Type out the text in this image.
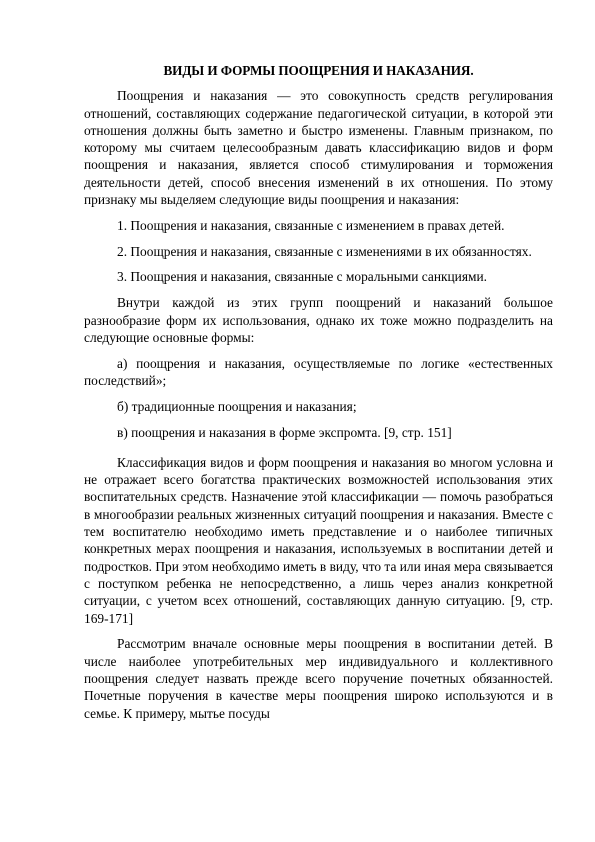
ВИДЫ И ФОРМЫ ПООЩРЕНИЯ И НАКАЗАНИЯ.

Поощрения и наказания — это совокупность средств регулирования отношений, составляющих содержание педагогической ситуации, в которой эти отношения должны быть заметно и быстро изменены. Главным признаком, по которому мы считаем целесообразным давать классификацию видов и форм поощрения и наказания, является способ стимулирования и торможения деятельности детей, способ внесения изменений в их отношения. По этому признаку мы выделяем следующие виды поощрения и наказания:

1. Поощрения и наказания, связанные с изменением в правах детей.

2. Поощрения и наказания, связанные с изменениями в их обязанностях.

3. Поощрения и наказания, связанные с моральными санкциями.

Внутри каждой из этих групп поощрений и наказаний большое разнообразие форм их использования, однако их тоже можно подразделить на следующие основные формы:

а) поощрения и наказания, осуществляемые по логике «естественных последствий»;

б) традиционные поощрения и наказания;

в) поощрения и наказания в форме экспромта. [9, стр. 151]

Классификация видов и форм поощрения и наказания во многом условна и не отражает всего богатства практических возможностей использования этих воспитательных средств. Назначение этой классификации — помочь разобраться в многообразии реальных жизненных ситуаций поощрения и наказания. Вместе с тем воспитателю необходимо иметь представление и о наиболее типичных конкретных мерах поощрения и наказания, используемых в воспитании детей и подростков. При этом необходимо иметь в виду, что та или иная мера связывается с поступком ребенка не непосредственно, а лишь через анализ конкретной ситуации, с учетом всех отношений, составляющих данную ситуацию. [9, стр. 169-171]

Рассмотрим вначале основные меры поощрения в воспитании детей. В числе наиболее употребительных мер индивидуального и коллективного поощрения следует назвать прежде всего поручение почетных обязанностей. Почетные поручения в качестве меры поощрения широко используются и в семье. К примеру, мытье посуды
